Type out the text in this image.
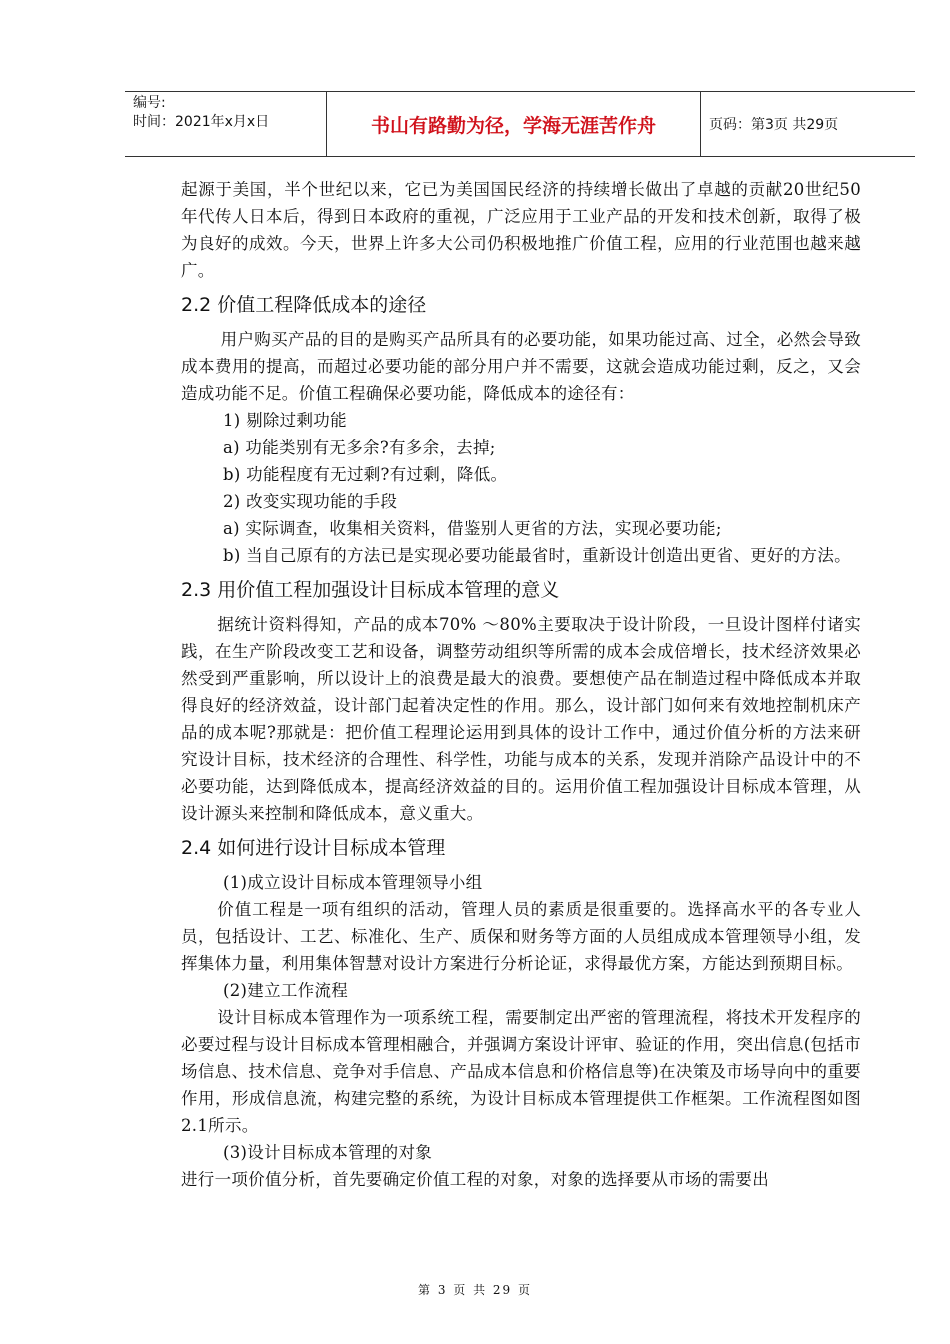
编号:
时间：2021年x月x日	书山有路勤为径，学海无涯苦作舟	页码：第3页 共29页

起源于美国，半个世纪以来，它已为美国国民经济的持续增长做出了卓越的贡献20世纪50年代传人日本后，得到日本政府的重视，广泛应用于工业产品的开发和技术创新，取得了极为良好的成效。今天，世界上许多大公司仍积极地推广价值工程，应用的行业范围也越来越广。

2.2 价值工程降低成本的途径

用户购买产品的目的是购买产品所具有的必要功能，如果功能过高、过全，必然会导致成本费用的提高，而超过必要功能的部分用户并不需要，这就会造成功能过剩，反之，又会造成功能不足。价值工程确保必要功能，降低成本的途径有：

1) 剔除过剩功能

a) 功能类别有无多余?有多余，去掉;

b) 功能程度有无过剩?有过剩，降低。

2) 改变实现功能的手段

a) 实际调查，收集相关资料，借鉴别人更省的方法，实现必要功能;

b) 当自己原有的方法已是实现必要功能最省时，重新设计创造出更省、更好的方法。

2.3 用价值工程加强设计目标成本管理的意义

据统计资料得知，产品的成本70% ～80%主要取决于设计阶段，一旦设计图样付诸实践，在生产阶段改变工艺和设备，调整劳动组织等所需的成本会成倍增长，技术经济效果必然受到严重影响，所以设计上的浪费是最大的浪费。要想使产品在制造过程中降低成本并取得良好的经济效益，设计部门起着决定性的作用。那么，设计部门如何来有效地控制机床产品的成本呢?那就是：把价值工程理论运用到具体的设计工作中，通过价值分析的方法来研究设计目标，技术经济的合理性、科学性，功能与成本的关系，发现并消除产品设计中的不必要功能，达到降低成本，提高经济效益的目的。运用价值工程加强设计目标成本管理，从设计源头来控制和降低成本，意义重大。

2.4 如何进行设计目标成本管理

(1)成立设计目标成本管理领导小组

价值工程是一项有组织的活动，管理人员的素质是很重要的。选择高水平的各专业人员，包括设计、工艺、标准化、生产、质保和财务等方面的人员组成成本管理领导小组，发挥集体力量，利用集体智慧对设计方案进行分析论证，求得最优方案，方能达到预期目标。

(2)建立工作流程

设计目标成本管理作为一项系统工程，需要制定出严密的管理流程，将技术开发程序的必要过程与设计目标成本管理相融合，并强调方案设计评审、验证的作用，突出信息(包括市场信息、技术信息、竞争对手信息、产品成本信息和价格信息等)在决策及市场导向中的重要作用，形成信息流，构建完整的系统，为设计目标成本管理提供工作框架。工作流程图如图2.1所示。

(3)设计目标成本管理的对象

进行一项价值分析，首先要确定价值工程的对象，对象的选择要从市场的需要出

第 3 页 共 29 页
